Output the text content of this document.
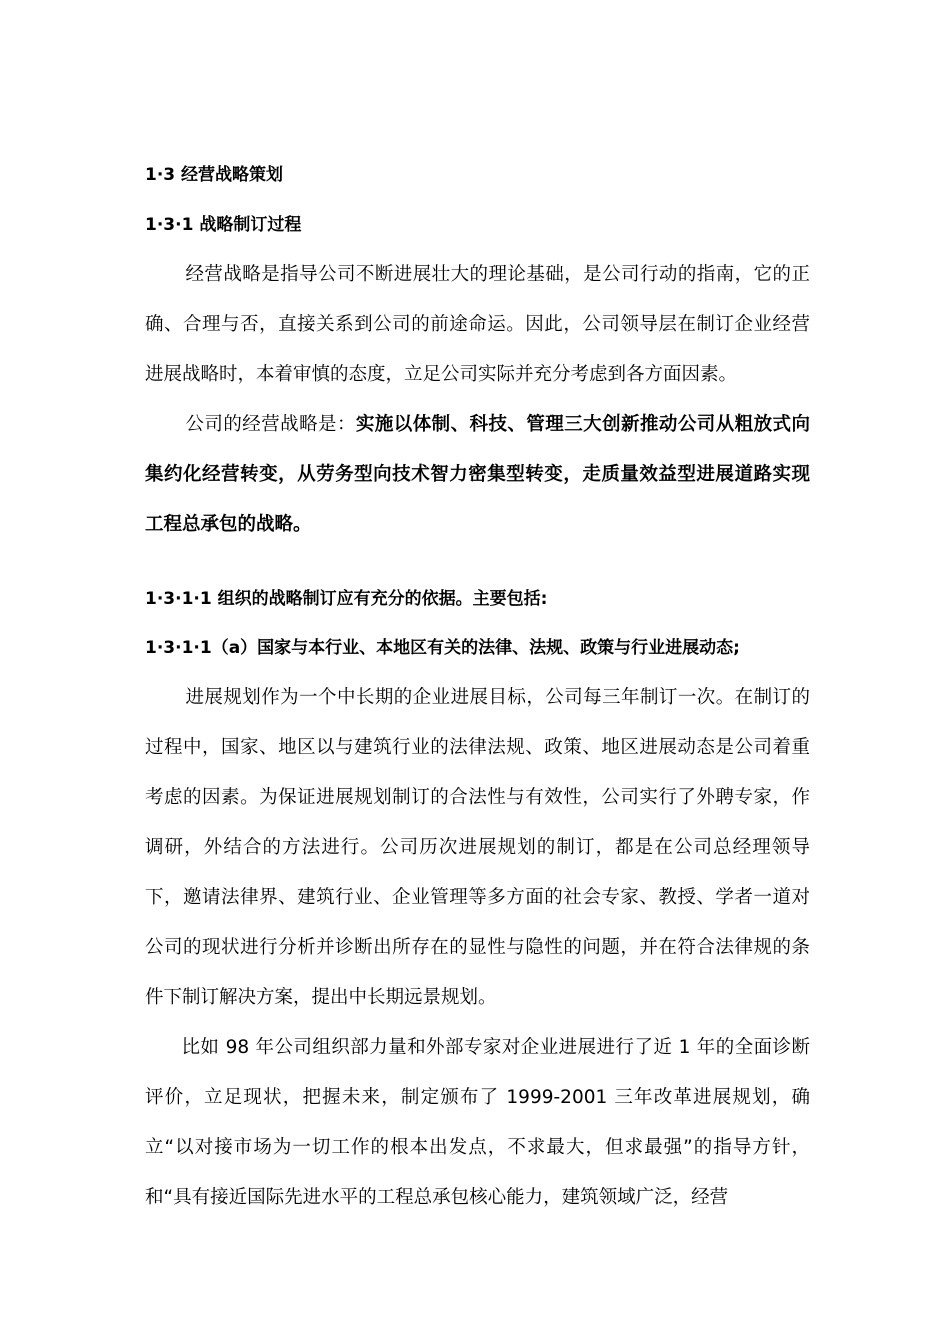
1·3 经营战略策划
1·3·1 战略制订过程

经营战略是指导公司不断进展壮大的理论基础，是公司行动的指南，它的正确、合理与否，直接关系到公司的前途命运。因此，公司领导层在制订企业经营进展战略时，本着审慎的态度，立足公司实际并充分考虑到各方面因素。

公司的经营战略是：实施以体制、科技、管理三大创新推动公司从粗放式向集约化经营转变，从劳务型向技术智力密集型转变，走质量效益型进展道路实现工程总承包的战略。

1·3·1·1 组织的战略制订应有充分的依据。主要包括:
1·3·1·1（a）国家与本行业、本地区有关的法律、法规、政策与行业进展动态;

进展规划作为一个中长期的企业进展目标，公司每三年制订一次。在制订的过程中，国家、地区以与建筑行业的法律法规、政策、地区进展动态是公司着重考虑的因素。为保证进展规划制订的合法性与有效性，公司实行了外聘专家，作调研，外结合的方法进行。公司历次进展规划的制订，都是在公司总经理领导下，邀请法律界、建筑行业、企业管理等多方面的社会专家、教授、学者一道对公司的现状进行分析并诊断出所存在的显性与隐性的问题，并在符合法律规的条件下制订解决方案，提出中长期远景规划。

比如 98 年公司组织部力量和外部专家对企业进展进行了近 1 年的全面诊断评价，立足现状，把握未来，制定颁布了 1999-2001 三年改革进展规划，确立“以对接市场为一切工作的根本出发点，不求最大，但求最强”的指导方针，和“具有接近国际先进水平的工程总承包核心能力，建筑领域广泛，经营
